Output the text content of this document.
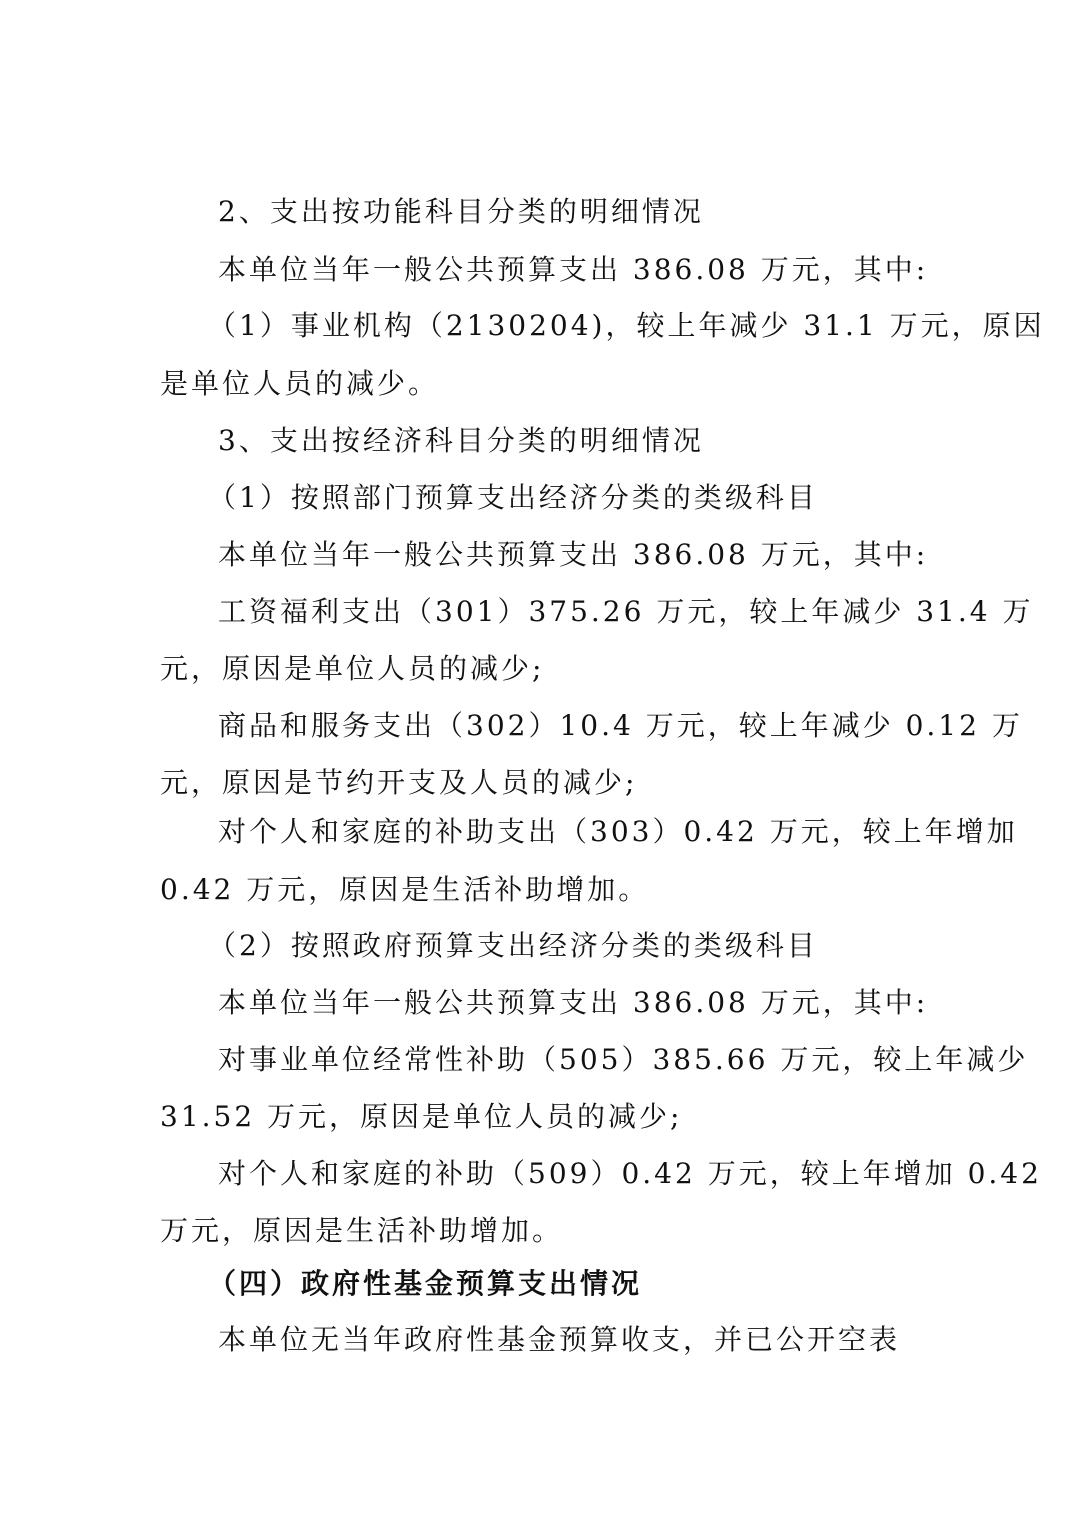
2、支出按功能科目分类的明细情况
本单位当年一般公共预算支出 386.08 万元，其中:
（1）事业机构（2130204)，较上年减少 31.1 万元，原因
是单位人员的减少。
3、支出按经济科目分类的明细情况
（1）按照部门预算支出经济分类的类级科目
本单位当年一般公共预算支出 386.08 万元，其中:
工资福利支出（301）375.26 万元，较上年减少 31.4 万
元，原因是单位人员的减少;
商品和服务支出（302）10.4 万元，较上年减少 0.12 万
元，原因是节约开支及人员的减少;
对个人和家庭的补助支出（303）0.42 万元，较上年增加
0.42 万元，原因是生活补助增加。
（2）按照政府预算支出经济分类的类级科目
本单位当年一般公共预算支出 386.08 万元，其中:
对事业单位经常性补助（505）385.66 万元，较上年减少
31.52 万元，原因是单位人员的减少;
对个人和家庭的补助（509）0.42 万元，较上年增加 0.42
万元，原因是生活补助增加。
（四）政府性基金预算支出情况
本单位无当年政府性基金预算收支，并已公开空表
